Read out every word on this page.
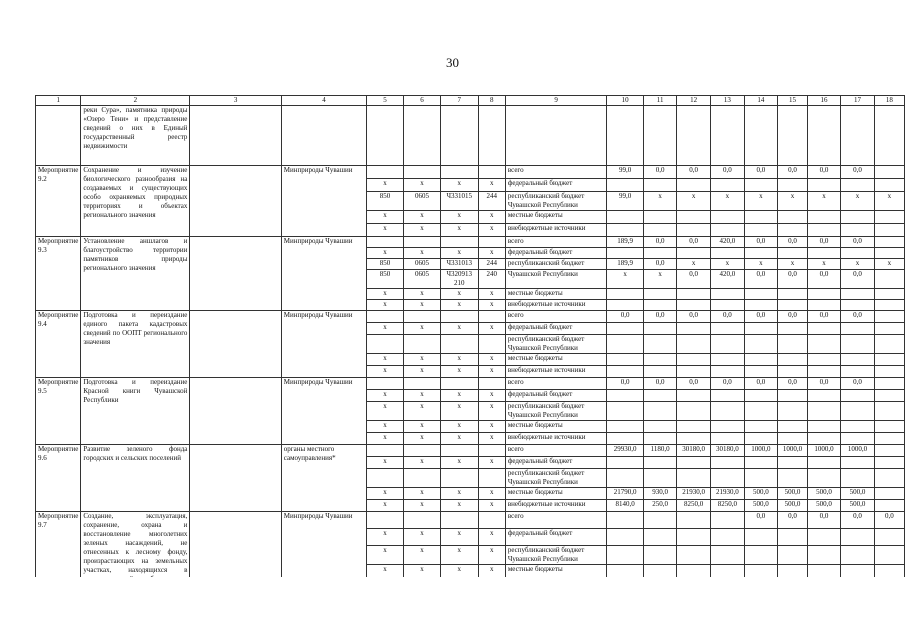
30
1	2	3	4	5	6	7	8	9	10	11	12	13	14	15	16	17	18
	реки Сура», памятника природы «Озеро Тени» и представление сведений о них в Единый государственный реестр недвижимости																
Мероприятие 9.2	Сохранение и изучение биологического разнообразия на создаваемых и существующих особо охраняемых природных территориях и объектах регионального значения		Минприроды Чувашии					всего	99,0	0,0	0,0	0,0	0,0	0,0	0,0	0,0	
				х	х	х	х	федеральный бюджет									
				850	0605	Ч331015	244	республиканский бюджет Чувашской Республики	99,0	х	х	х	х	х	х	х	х
				х	х	х	х	местные бюджеты									
				х	х	х	х	внебюджетные источники									
Мероприятие 9.3	Установление аншлагов и благоустройство территории памятников природы регионального значения		Минприроды Чувашии					всего	189,9	0,0	0,0	420,0	0,0	0,0	0,0	0,0	
				х	х	х	х	федеральный бюджет									
				850	0605	Ч331013	244	республиканский бюджет	189,9	0,0	х	х	х	х	х	х	х
				850	0605	Ч320913 210	240	Чувашской Республики	х	х	0,0	420,0	0,0	0,0	0,0	0,0	
				х	х	х	х	местные бюджеты									
				х	х	х	х	внебюджетные источники									
Мероприятие 9.4	Подготовка и переиздание единого пакета кадастровых сведений по ООПТ регионального значения		Минприроды Чувашии					всего	0,0	0,0	0,0	0,0	0,0	0,0	0,0	0,0	
				х	х	х	х	федеральный бюджет									
								республиканский бюджет Чувашской Республики									
				х	х	х	х	местные бюджеты									
				х	х	х	х	внебюджетные источники									
Мероприятие 9.5	Подготовка и переиздание Красной книги Чувашской Республики		Минприроды Чувашии					всего	0,0	0,0	0,0	0,0	0,0	0,0	0,0	0,0	
				х	х	х	х	федеральный бюджет									
				х	х	х	х	республиканский бюджет Чувашской Республики									
				х	х	х	х	местные бюджеты									
				х	х	х	х	внебюджетные источники									
Мероприятие 9.6	Развитие зеленого фонда городских и сельских поселений		органы местного самоуправления*					всего	29930,0	1180,0	30180,0	30180,0	1000,0	1000,0	1000,0	1000,0	
				х	х	х	х	федеральный бюджет									
								республиканский бюджет Чувашской Республики									
				х	х	х	х	местные бюджеты	21790,0	930,0	21930,0	21930,0	500,0	500,0	500,0	500,0	
				х	х	х	х	внебюджетные источники	8140,0	250,0	8250,0	8250,0	500,0	500,0	500,0	500,0	
Мероприятие 9.7	Создание, эксплуатация, сохранение, охрана и восстановление многолетних зеленых насаждений, не отнесенных к лесному фонду, произрастающих на земельных участках, находящихся в		Минприроды Чувашии					всего					0,0	0,0	0,0	0,0	0,0
				х	х	х	х	федеральный бюджет									
				х	х	х	х	республиканский бюджет Чувашской Республики									
				х	х	х	х	местные бюджеты									
